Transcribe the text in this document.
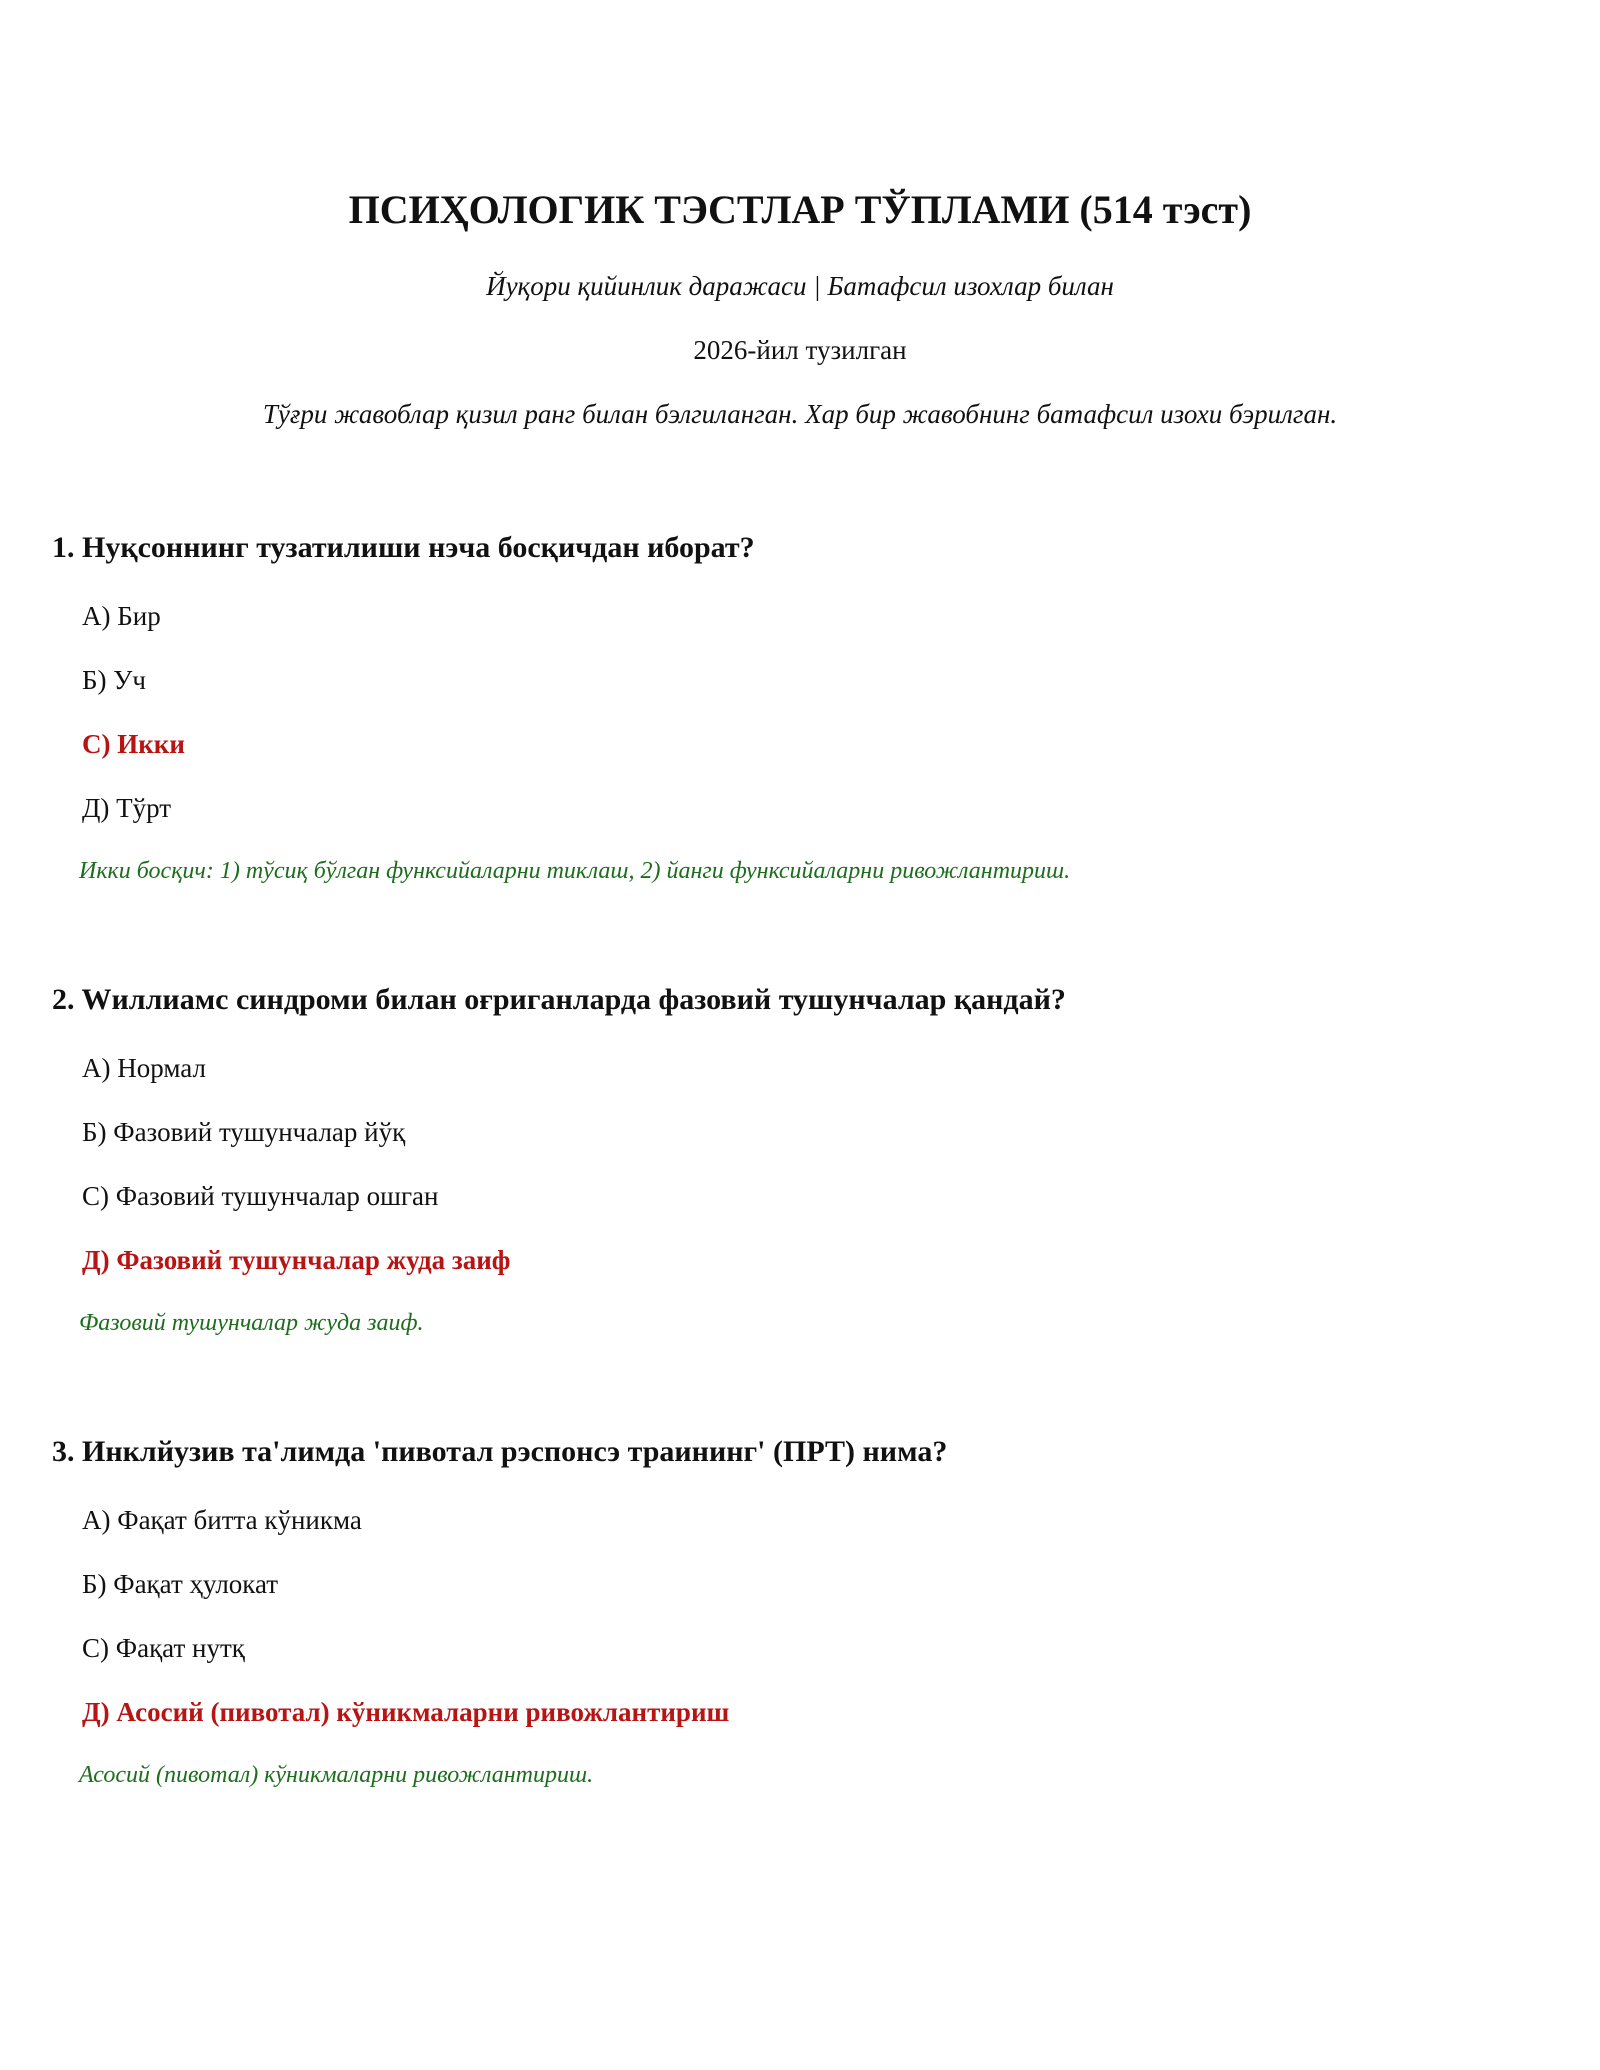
ПСИҲОЛОГИК ТЭСТЛАР ТЎПЛАМИ (514 тэст)
Йуқори қийинлик даражаси | Батафсил изохлар билан
2026-йил тузилган
Тўғри жавоблар қизил ранг билан бэлгиланган. Хар бир жавобнинг батафсил изохи бэрилган.
1. Нуқсоннинг тузатилиши нэча босқичдан иборат?
А) Бир
Б) Уч
С) Икки
Д) Тўрт
Икки босқич: 1) тўсиқ бўлган функсийаларни тиклаш, 2) йанги функсийаларни ривожлантириш.
2. Wиллиамс синдроми билан оғриганларда фазовий тушунчалар қандай?
А) Нормал
Б) Фазовий тушунчалар йўқ
С) Фазовий тушунчалар ошган
Д) Фазовий тушунчалар жуда заиф
Фазовий тушунчалар жуда заиф.
3. Инклйузив та'лимда 'пивотал рэспонсэ траининг' (ПРТ) нима?
А) Фақат битта кўникма
Б) Фақат ҳулокат
С) Фақат нутқ
Д) Асосий (пивотал) кўникмаларни ривожлантириш
Асосий (пивотал) кўникмаларни ривожлантириш.
